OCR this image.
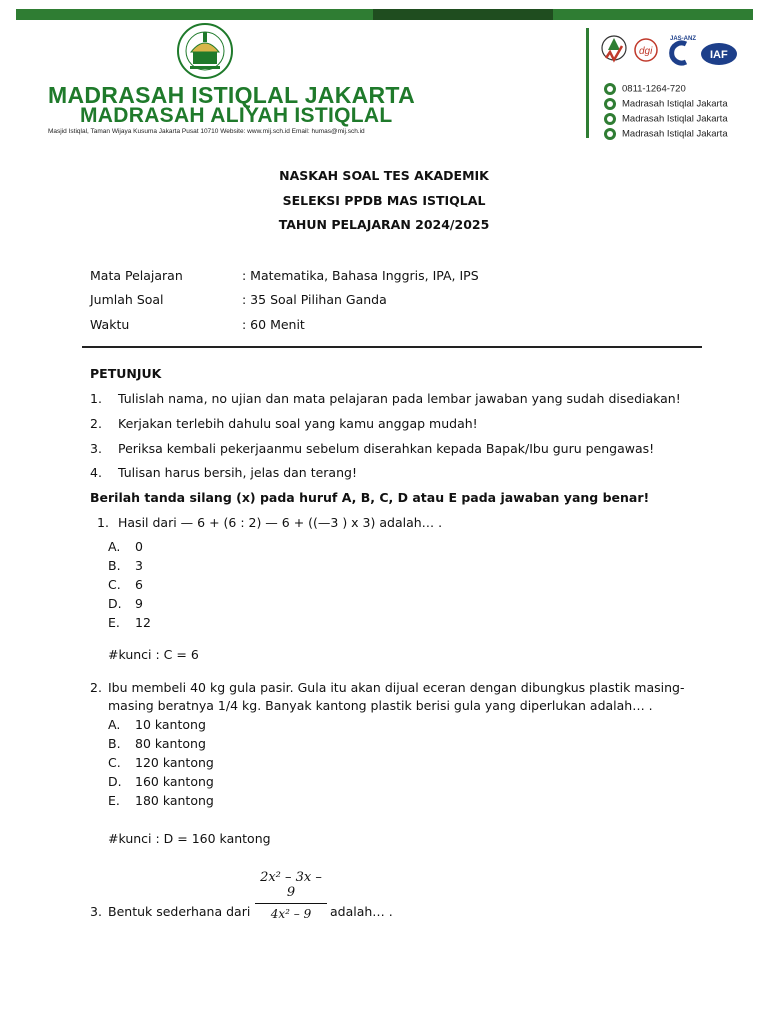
MADRASAH ISTIQLAL JAKARTA
MADRASAH ALIYAH ISTIQLAL
Masjid Istiqlal, Taman Wijaya Kusuma Jakarta Pusat 10710 Website: www.mij.sch.id Email: humas@mij.sch.id
dgi
JAS-ANZ
IAF
0811-1264-720
Madrasah Istiqlal Jakarta
Madrasah Istiqlal Jakarta
Madrasah Istiqlal Jakarta
NASKAH SOAL TES AKADEMIK
SELEKSI PPDB MAS ISTIQLAL
TAHUN PELAJARAN 2024/2025
Mata Pelajaran	: Matematika, Bahasa Inggris, IPA, IPS
Jumlah Soal	: 35 Soal Pilihan Ganda
Waktu	: 60 Menit
PETUNJUK
1. Tulislah nama, no ujian dan mata pelajaran pada lembar jawaban yang sudah disediakan!
2. Kerjakan terlebih dahulu soal yang kamu anggap mudah!
3. Periksa kembali pekerjaanmu sebelum diserahkan kepada Bapak/Ibu guru pengawas!
4. Tulisan harus bersih, jelas dan terang!
Berilah tanda silang (x) pada huruf A, B, C, D atau E pada jawaban yang benar!
1. Hasil dari — 6 + (6 : 2) — 6 + ((—3 ) x 3) adalah… .
A. 0
B. 3
C. 6
D. 9
E. 12
#kunci : C = 6
2. Ibu membeli 40 kg gula pasir. Gula itu akan dijual eceran dengan dibungkus plastik masing-
masing beratnya 1/4 kg. Banyak kantong plastik berisi gula yang diperlukan adalah… .
A. 10 kantong
B. 80 kantong
C. 120 kantong
D. 160 kantong
E. 180 kantong
#kunci : D = 160 kantong
$\frac{\text{2x² – 3x – 9}}{\text{4x² – 9}}$
3. Bentuk sederhana dari	adalah… .
